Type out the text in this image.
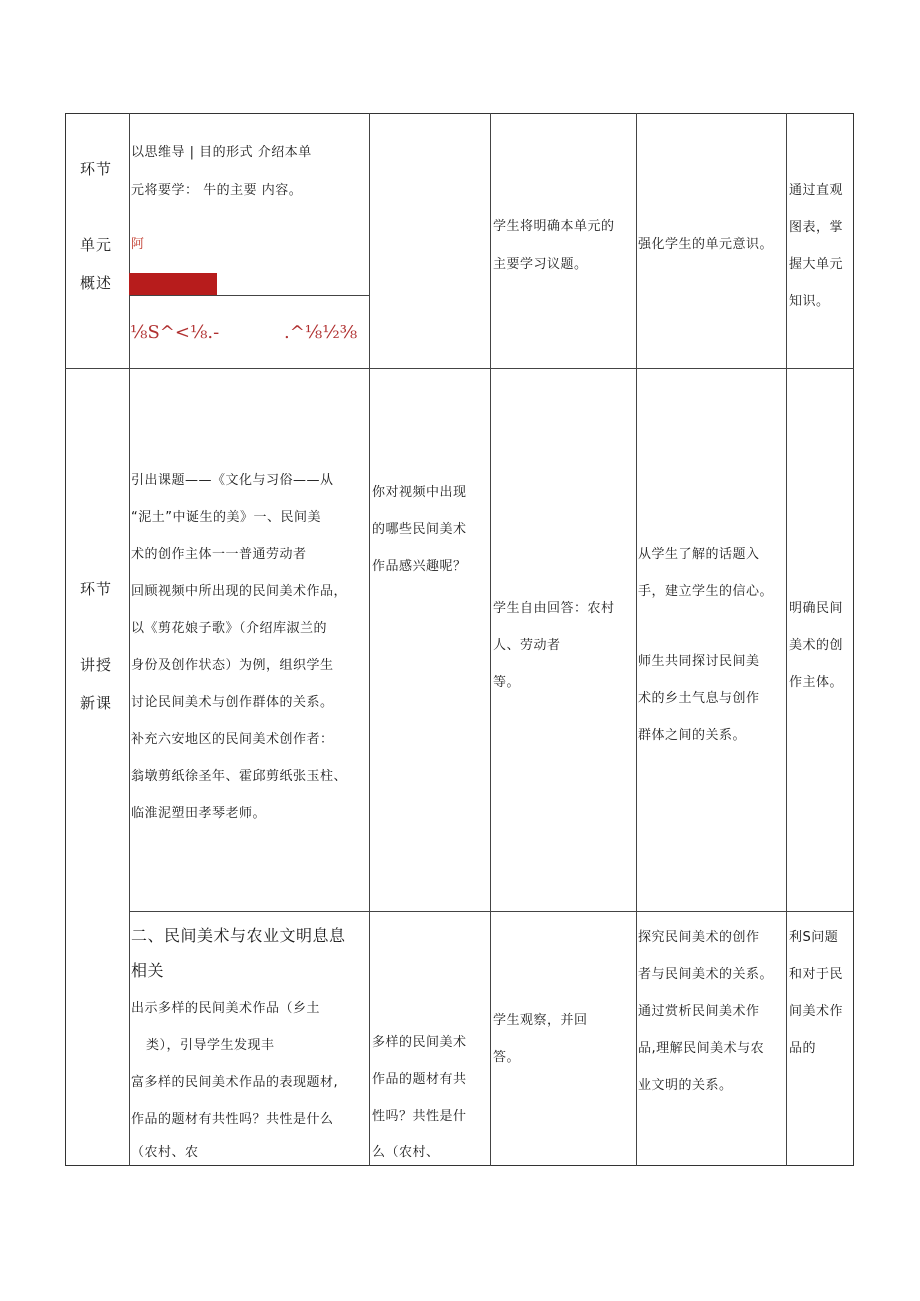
环节
单元
概述
以思维导 | 目的形式 介绍本单
元将要学： 牛的主要 内容。
阿
⅛S^<⅛.-	.^⅛½⅜
学生将明确本单元的
主要学习议题。
强化学生的单元意识。
通过直观
图表，掌
握大单元
知识。
环节
讲授
新课
引出课题——《文化与习俗——从
“泥土”中诞生的美》一、民间美
术的创作主体一一普通劳动者
回顾视频中所出现的民间美术作品，
以《剪花娘子歌》（介绍库淑兰的
身份及创作状态）为例，组织学生
讨论民间美术与创作群体的关系。
补充六安地区的民间美术创作者：
翁墩剪纸徐圣年、霍邱剪纸张玉柱、
临淮泥塑田孝琴老师。
你对视频中出现
的哪些民间美术
作品感兴趣呢？
学生自由回答：农村
人、劳动者
等。
从学生了解的话题入
手，建立学生的信心。
师生共同探讨民间美
术的乡土气息与创作
群体之间的关系。
明确民间
美术的创
作主体。
二、民间美术与农业文明息息
相关
出示多样的民间美术作品（乡土
类），引导学生发现丰
富多样的民间美术作品的表现题材,
作品的题材有共性吗？共性是什么
（农村、农
多样的民间美术
作品的题材有共
性吗？共性是什
么（农村、
学生观察，并回
答。
探究民间美术的创作
者与民间美术的关系。
通过赏析民间美术作
品,理解民间美术与农
业文明的关系。
利S问题
和对于民
间美术作
品的
